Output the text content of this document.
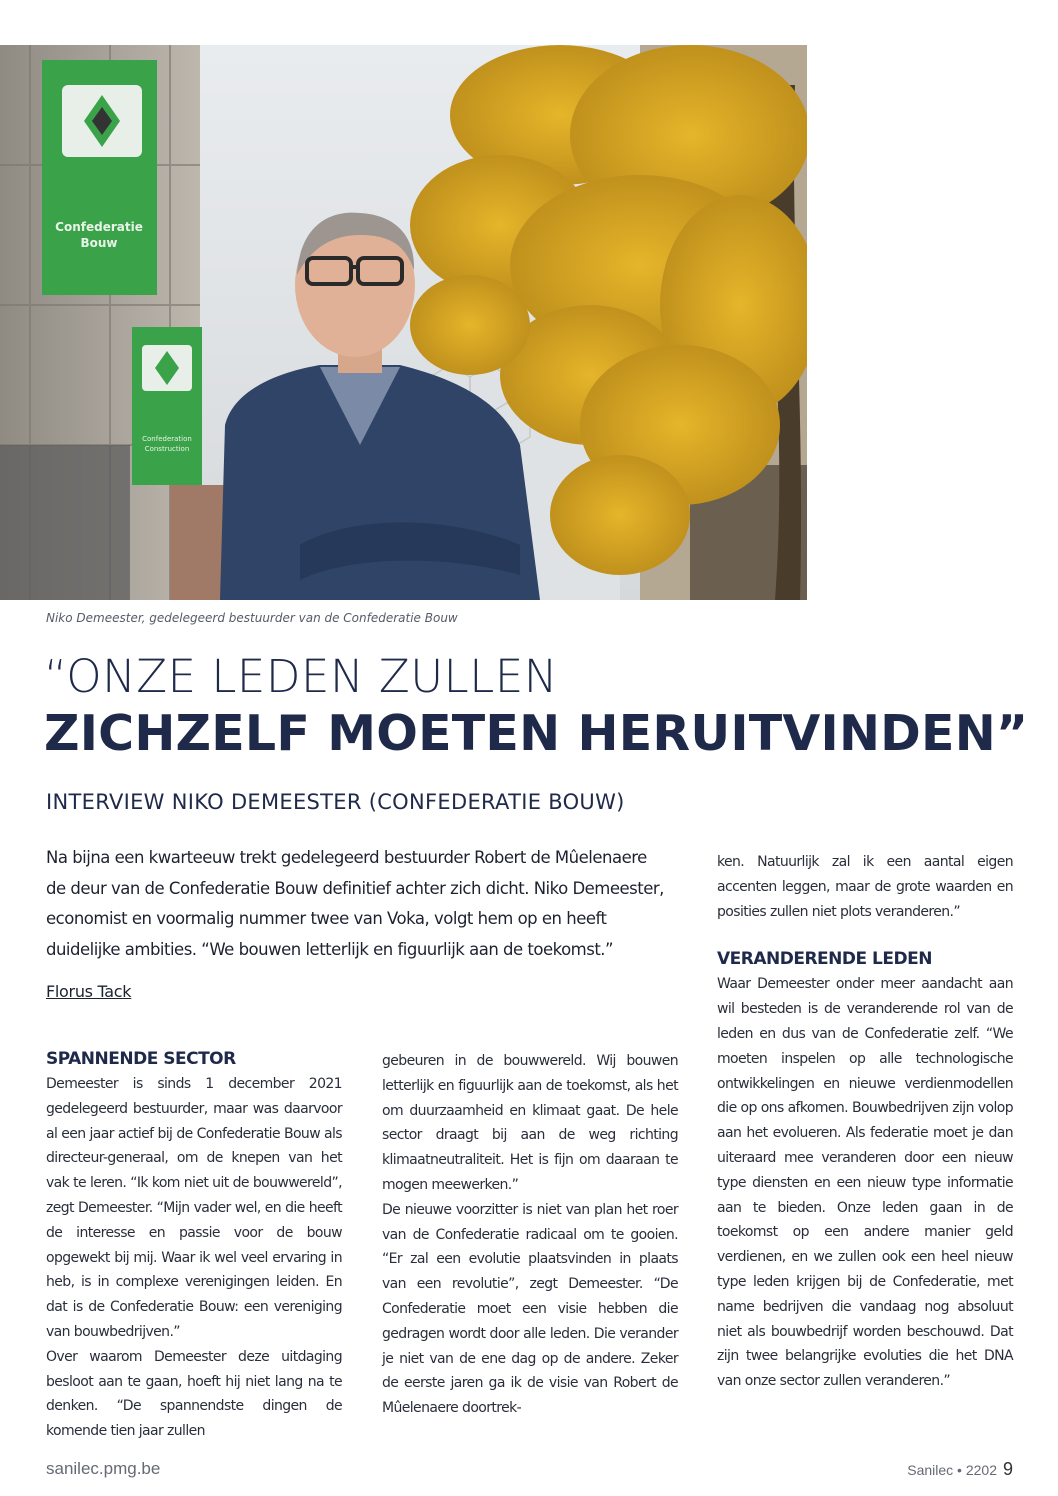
Confederatie
Bouw
Confederation
Construction
Niko Demeester, gedelegeerd bestuurder van de Confederatie Bouw
“ONZE LEDEN ZULLEN
ZICHZELF MOETEN HERUITVINDEN”
INTERVIEW NIKO DEMEESTER (CONFEDERATIE BOUW)

Na bijna een kwarteeuw trekt gedelegeerd bestuurder Robert de Mûelenaere de deur van de Confederatie Bouw definitief achter zich dicht. Niko Demeester, economist en voormalig nummer twee van Voka, volgt hem op en heeft duidelijke ambities. “We bouwen letterlijk en figuurlijk aan de toekomst.”

Florus Tack
SPANNENDE SECTOR

Demeester is sinds 1 december 2021 gedelegeerd bestuurder, maar was daarvoor al een jaar actief bij de Confederatie Bouw als directeur-generaal, om de knepen van het vak te leren. “Ik kom niet uit de bouwwereld”, zegt Demeester. “Mijn vader wel, en die heeft de interesse en passie voor de bouw opgewekt bij mij. Waar ik wel veel ervaring in heb, is in complexe verenigingen leiden. En dat is de Confederatie Bouw: een vereniging van bouwbedrijven.”

Over waarom Demeester deze uitdaging besloot aan te gaan, hoeft hij niet lang na te denken. “De spannendste dingen de komende tien jaar zullen

gebeuren in de bouwwereld. Wij bouwen letterlijk en figuurlijk aan de toekomst, als het om duurzaamheid en klimaat gaat. De hele sector draagt bij aan de weg richting klimaatneutraliteit. Het is fijn om daaraan te mogen meewerken.”

De nieuwe voorzitter is niet van plan het roer van de Confederatie radicaal om te gooien. “Er zal een evolutie plaatsvinden in plaats van een revolutie”, zegt Demeester. “De Confederatie moet een visie hebben die gedragen wordt door alle leden. Die verander je niet van de ene dag op de andere. Zeker de eerste jaren ga ik de visie van Robert de Mûelenaere doortrek-

ken. Natuurlijk zal ik een aantal eigen accenten leggen, maar de grote waarden en posities zullen niet plots veranderen.”

VERANDERENDE LEDEN

Waar Demeester onder meer aandacht aan wil besteden is de veranderende rol van de leden en dus van de Confederatie zelf. “We moeten inspelen op alle technologische ontwikkelingen en nieuwe verdienmodellen die op ons afkomen. Bouwbedrijven zijn volop aan het evolueren. Als federatie moet je dan uiteraard mee veranderen door een nieuw type diensten en een nieuw type informatie aan te bieden. Onze leden gaan in de toekomst op een andere manier geld verdienen, en we zullen ook een heel nieuw type leden krijgen bij de Confederatie, met name bedrijven die vandaag nog absoluut niet als bouwbedrijf worden beschouwd. Dat zijn twee belangrijke evoluties die het DNA van onze sector zullen veranderen.”

sanilec.pmg.be	Sanilec • 2202 9
